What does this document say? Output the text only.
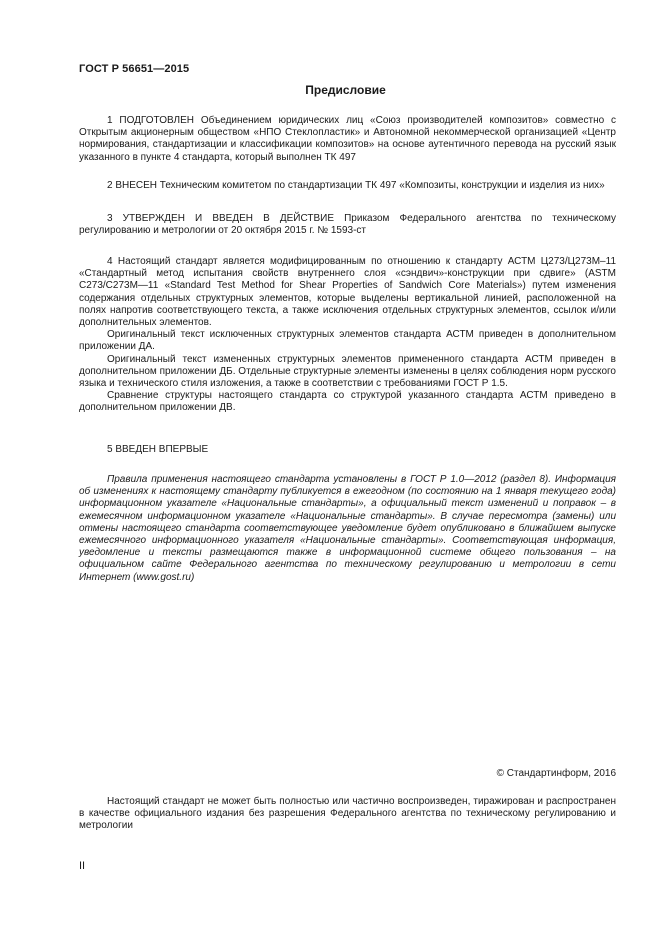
ГОСТ Р 56651—2015
Предисловие

1 ПОДГОТОВЛЕН Объединением юридических лиц «Союз производителей композитов» совместно с Открытым акционерным обществом «НПО Стеклопластик» и Автономной некоммерческой организацией «Центр нормирования, стандартизации и классификации композитов» на основе аутентичного перевода на русский язык указанного в пункте 4 стандарта, который выполнен ТК 497

2 ВНЕСЕН Техническим комитетом по стандартизации ТК 497 «Композиты, конструкции и изделия из них»

3 УТВЕРЖДЕН И ВВЕДЕН В ДЕЙСТВИЕ Приказом Федерального агентства по техническому регулированию и метрологии от 20 октября 2015 г. № 1593-ст

4 Настоящий стандарт является модифицированным по отношению к стандарту АСТМ Ц273/Ц273М–11 «Стандартный метод испытания свойств внутреннего слоя «сэндвич»-конструкции при сдвиге» (ASTM C273/C273M—11 «Standard Test Method for Shear Properties of Sandwich Core Materials») путем изменения содержания отдельных структурных элементов, которые выделены вертикальной линией, расположенной на полях напротив соответствующего текста, а также исключения отдельных структурных элементов, ссылок и/или дополнительных элементов.

Оригинальный текст исключенных структурных элементов стандарта АСТМ приведен в дополнительном приложении ДА.

Оригинальный текст измененных структурных элементов примененного стандарта АСТМ приведен в дополнительном приложении ДБ. Отдельные структурные элементы изменены в целях соблюдения норм русского языка и технического стиля изложения, а также в соответствии с требованиями ГОСТ Р 1.5.

Сравнение структуры настоящего стандарта со структурой указанного стандарта АСТМ приведено в дополнительном приложении ДВ.

5 ВВЕДЕН ВПЕРВЫЕ

Правила применения настоящего стандарта установлены в ГОСТ Р 1.0—2012 (раздел 8). Информация об изменениях к настоящему стандарту публикуется в ежегодном (по состоянию на 1 января текущего года) информационном указателе «Национальные стандарты», а официальный текст изменений и поправок – в ежемесячном информационном указателе «Национальные стандарты». В случае пересмотра (замены) или отмены настоящего стандарта соответствующее уведомление будет опубликовано в ближайшем выпуске ежемесячного информационного указателя «Национальные стандарты». Соответствующая информация, уведомление и тексты размещаются также в информационной системе общего пользования – на официальном сайте Федерального агентства по техническому регулированию и метрологии в сети Интернет (www.gost.ru)

© Стандартинформ, 2016

Настоящий стандарт не может быть полностью или частично воспроизведен, тиражирован и распространен в качестве официального издания без разрешения Федерального агентства по техническому регулированию и метрологии

II
